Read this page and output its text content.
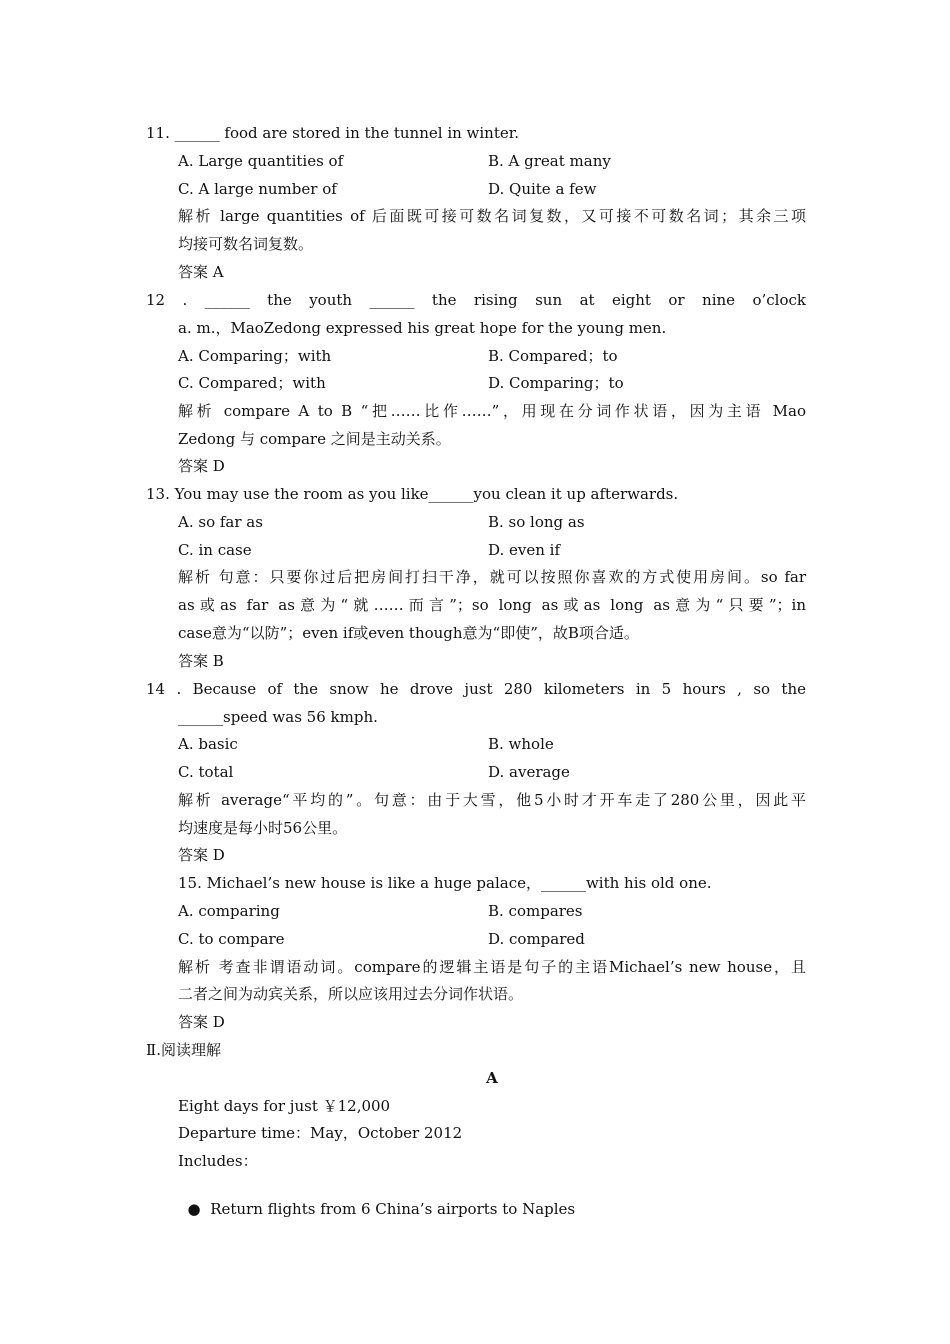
11. ______ food are stored in the tunnel in winter.
A. Large quantities of	B. A great many
C. A large number of	D. Quite a few
解析 large quantities of 后面既可接可数名词复数，又可接不可数名词；其余三项
均接可数名词复数。
答案 A
12 . ______ the youth ______ the rising sun at eight or nine o’clock
a. m.，MaoZedong expressed his great hope for the young men.
A. Comparing；with	B. Compared；to
C. Compared；with	D. Comparing；to
解析 compare A to B “把……比作……”，用现在分词作状语，因为主语 Mao
Zedong 与 compare 之间是主动关系。
答案 D
13. You may use the room as you like______you clean it up afterwards.
A. so far as	B. so long as
C. in case	D. even if
解析 句意：只要你过后把房间打扫干净，就可以按照你喜欢的方式使用房间。so far
as或as far as意为“就……而言”；so long as或as long as意为“只要”；in
case意为“以防”；even if或even though意为“即使”，故B项合适。
答案 B
14 . Because of the snow he drove just 280 kilometers in 5 hours , so the
______speed was 56 kmph.
A. basic	B. whole
C. total	D. average
解析 average“平均的”。句意：由于大雪，他5小时才开车走了280公里，因此平
均速度是每小时56公里。
答案 D
15. Michael’s new house is like a huge palace，______with his old one.
A. comparing	B. compares
C. to compare	D. compared
解析 考查非谓语动词。compare的逻辑主语是句子的主语Michael’s new house，且
二者之间为动宾关系，所以应该用过去分词作状语。
答案 D
Ⅱ.阅读理解
A
Eight days for just ￥12,000
Departure time：May，October 2012
Includes：

● Return flights from 6 China’s airports to Naples
